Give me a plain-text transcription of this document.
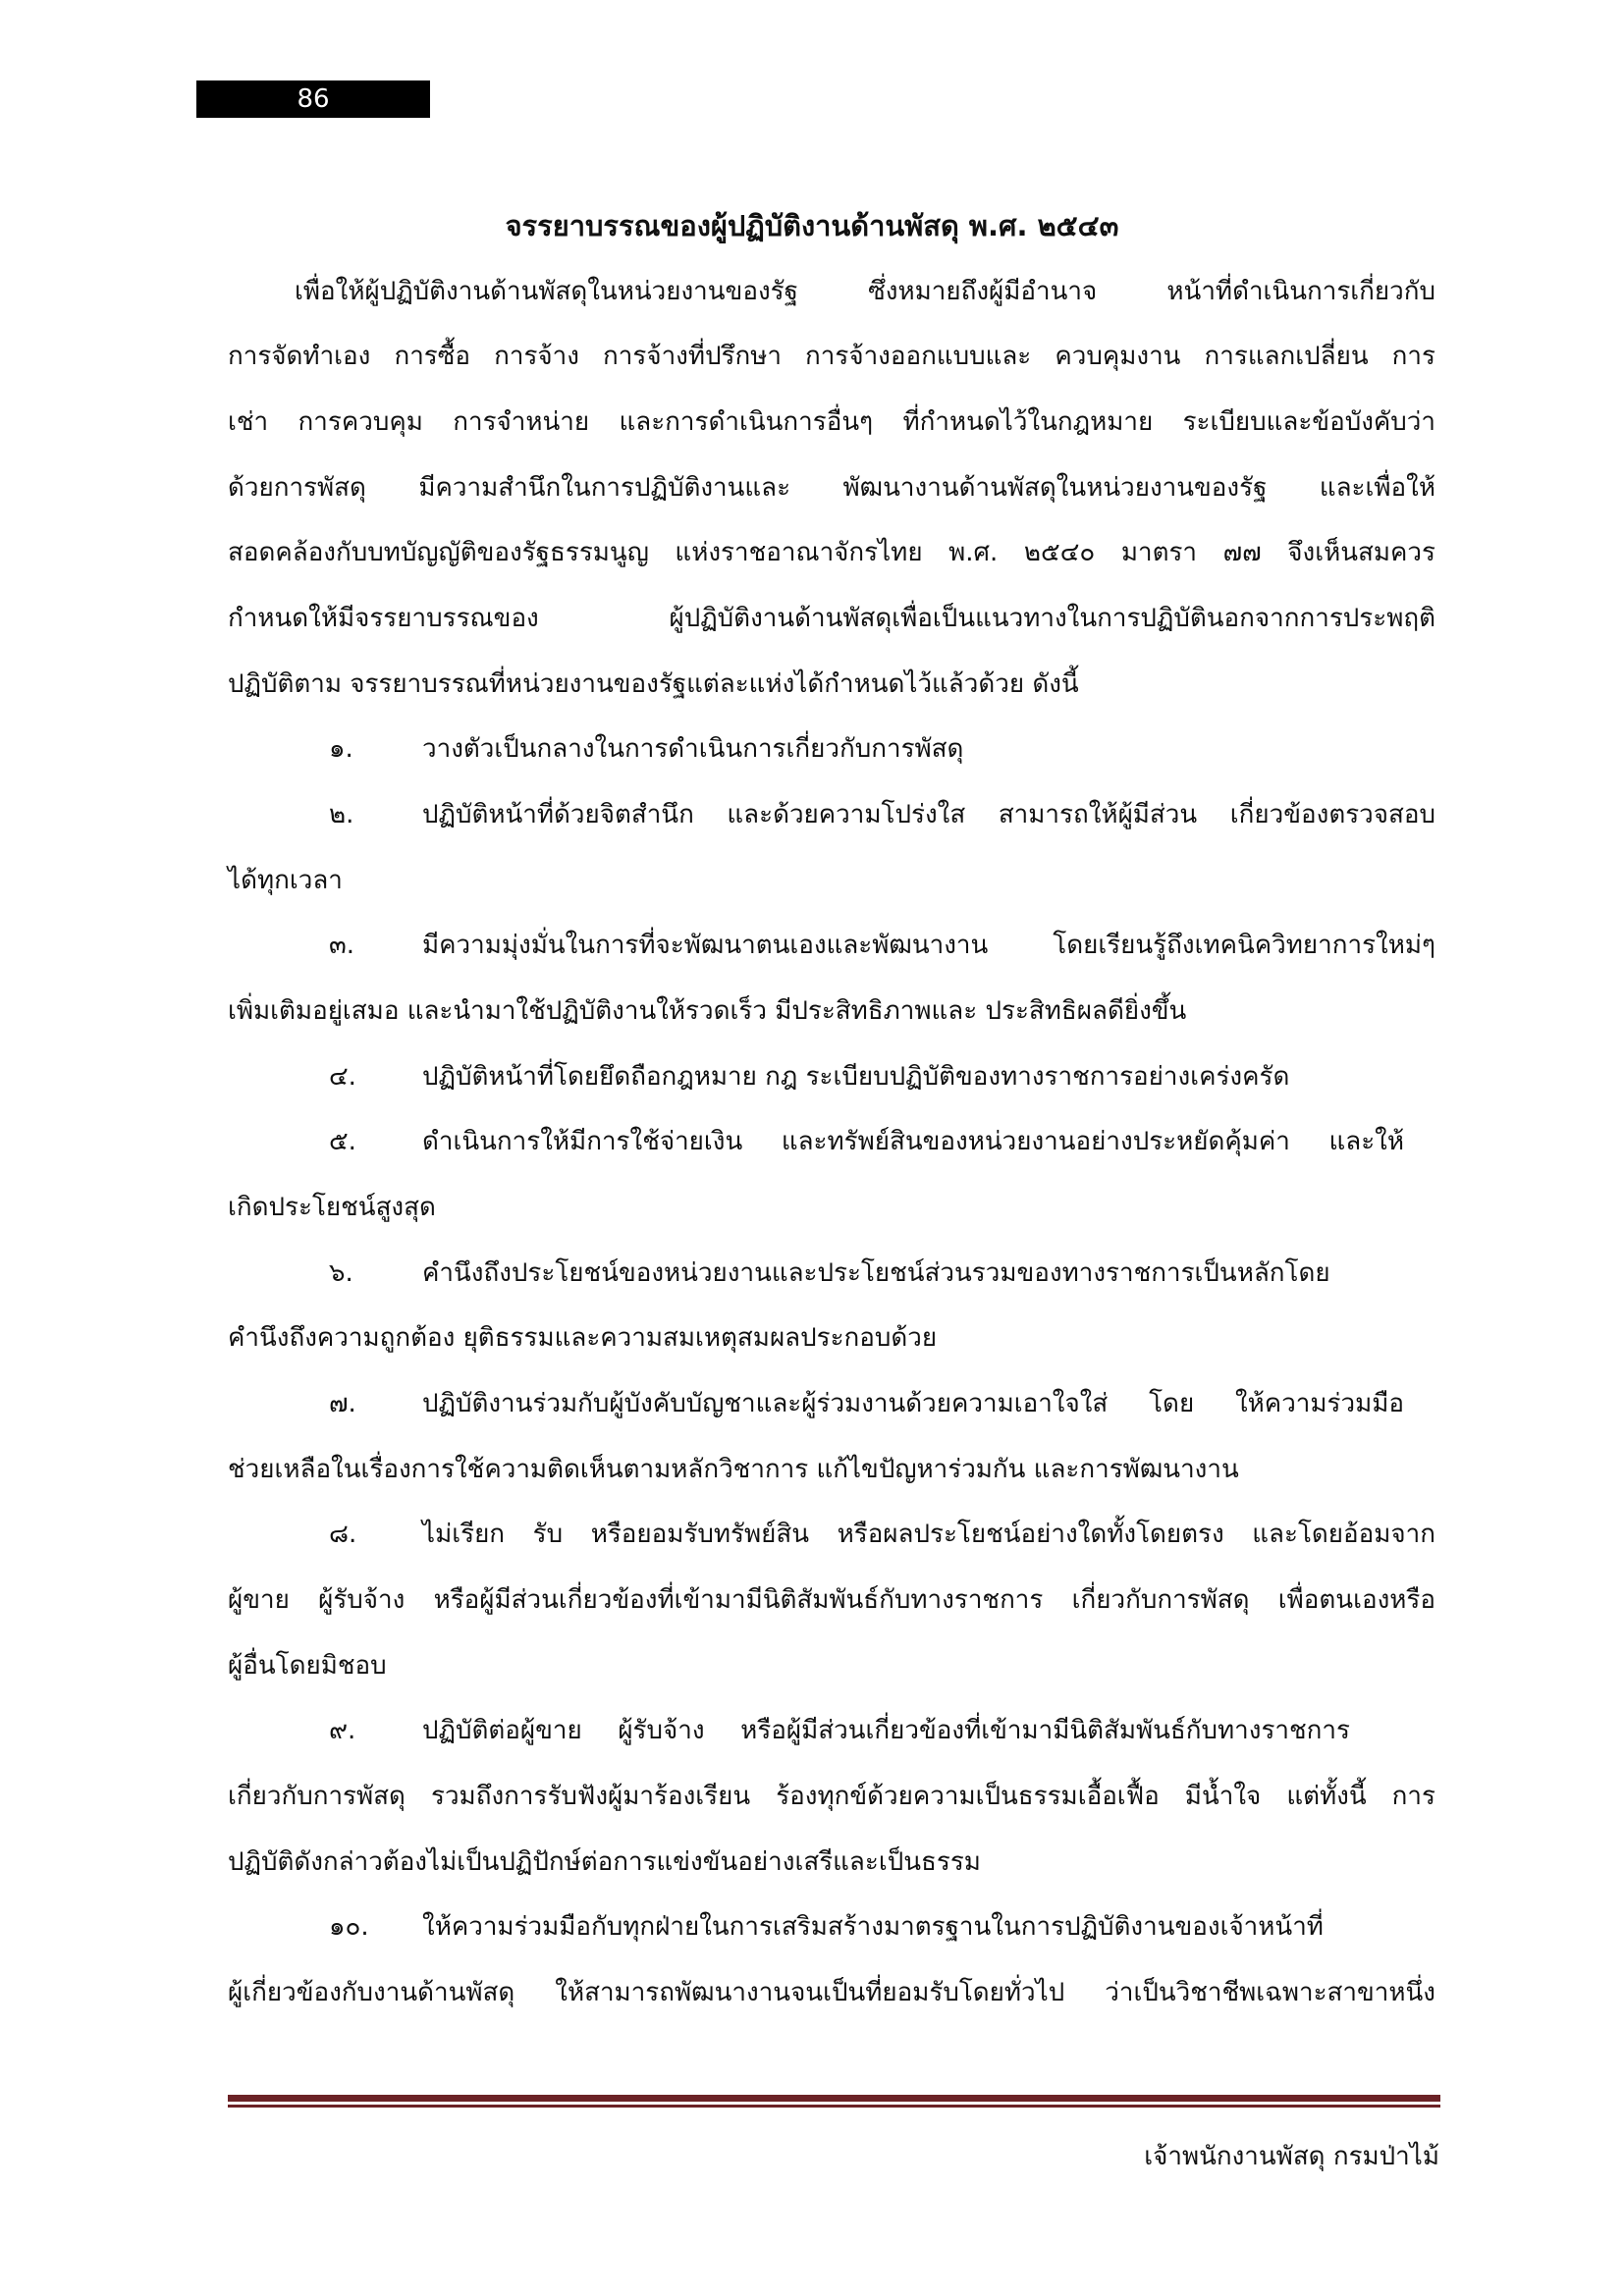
86
จรรยาบรรณของผู้ปฏิบัติงานด้านพัสดุ พ.ศ. ๒๕๔๓
เพื่อให้ผู้ปฏิบัติงานด้านพัสดุในหน่วยงานของรัฐ ซึ่งหมายถึงผู้มีอำนาจ หน้าที่ดำเนินการเกี่ยวกับ
การจัดทำเอง การซื้อ การจ้าง การจ้างที่ปรึกษา การจ้างออกแบบและ ควบคุมงาน การแลกเปลี่ยน การ
เช่า การควบคุม การจำหน่าย และการดำเนินการอื่นๆ ที่กำหนดไว้ในกฎหมาย ระเบียบและข้อบังคับว่า
ด้วยการพัสดุ มีความสำนึกในการปฏิบัติงานและ พัฒนางานด้านพัสดุในหน่วยงานของรัฐ และเพื่อให้
สอดคล้องกับบทบัญญัติของรัฐธรรมนูญ แห่งราชอาณาจักรไทย พ.ศ. ๒๕๔๐ มาตรา ๗๗ จึงเห็นสมควร
กำหนดให้มีจรรยาบรรณของ ผู้ปฏิบัติงานด้านพัสดุเพื่อเป็นแนวทางในการปฏิบัตินอกจากการประพฤติ
ปฏิบัติตาม จรรยาบรรณที่หน่วยงานของรัฐแต่ละแห่งได้กำหนดไว้แล้วด้วย ดังนี้
๑.	วางตัวเป็นกลางในการดำเนินการเกี่ยวกับการพัสดุ
๒.	ปฏิบัติหน้าที่ด้วยจิตสำนึก และด้วยความโปร่งใส สามารถให้ผู้มีส่วน เกี่ยวข้องตรวจสอบ
ได้ทุกเวลา
๓.	มีความมุ่งมั่นในการที่จะพัฒนาตนเองและพัฒนางาน โดยเรียนรู้ถึงเทคนิควิทยาการใหม่ๆ
เพิ่มเติมอยู่เสมอ และนำมาใช้ปฏิบัติงานให้รวดเร็ว มีประสิทธิภาพและ ประสิทธิผลดียิ่งขึ้น
๔.	ปฏิบัติหน้าที่โดยยึดถือกฎหมาย กฎ ระเบียบปฏิบัติของทางราชการอย่างเคร่งครัด
๕.	ดำเนินการให้มีการใช้จ่ายเงิน และทรัพย์สินของหน่วยงานอย่างประหยัดคุ้มค่า และให้
เกิดประโยชน์สูงสุด
๖.	คำนึงถึงประโยชน์ของหน่วยงานและประโยชน์ส่วนรวมของทางราชการเป็นหลักโดย
คำนึงถึงความถูกต้อง ยุติธรรมและความสมเหตุสมผลประกอบด้วย
๗.	ปฏิบัติงานร่วมกับผู้บังคับบัญชาและผู้ร่วมงานด้วยความเอาใจใส่ โดย ให้ความร่วมมือ
ช่วยเหลือในเรื่องการใช้ความติดเห็นตามหลักวิชาการ แก้ไขปัญหาร่วมกัน และการพัฒนางาน
๘.	ไม่เรียก รับ หรือยอมรับทรัพย์สิน หรือผลประโยชน์อย่างใดทั้งโดยตรง และโดยอ้อมจาก
ผู้ขาย ผู้รับจ้าง หรือผู้มีส่วนเกี่ยวข้องที่เข้ามามีนิติสัมพันธ์กับทางราชการ เกี่ยวกับการพัสดุ เพื่อตนเองหรือ
ผู้อื่นโดยมิชอบ
๙.	ปฏิบัติต่อผู้ขาย ผู้รับจ้าง หรือผู้มีส่วนเกี่ยวข้องที่เข้ามามีนิติสัมพันธ์กับทางราชการ
เกี่ยวกับการพัสดุ รวมถึงการรับฟังผู้มาร้องเรียน ร้องทุกข์ด้วยความเป็นธรรมเอื้อเฟื้อ มีน้ำใจ แต่ทั้งนี้ การ
ปฏิบัติดังกล่าวต้องไม่เป็นปฏิปักษ์ต่อการแข่งขันอย่างเสรีและเป็นธรรม
๑๐. ให้ความร่วมมือกับทุกฝ่ายในการเสริมสร้างมาตรฐานในการปฏิบัติงานของเจ้าหน้าที่
ผู้เกี่ยวข้องกับงานด้านพัสดุ ให้สามารถพัฒนางานจนเป็นที่ยอมรับโดยทั่วไป ว่าเป็นวิชาชีพเฉพาะสาขาหนึ่ง
เจ้าพนักงานพัสดุ กรมป่าไม้
